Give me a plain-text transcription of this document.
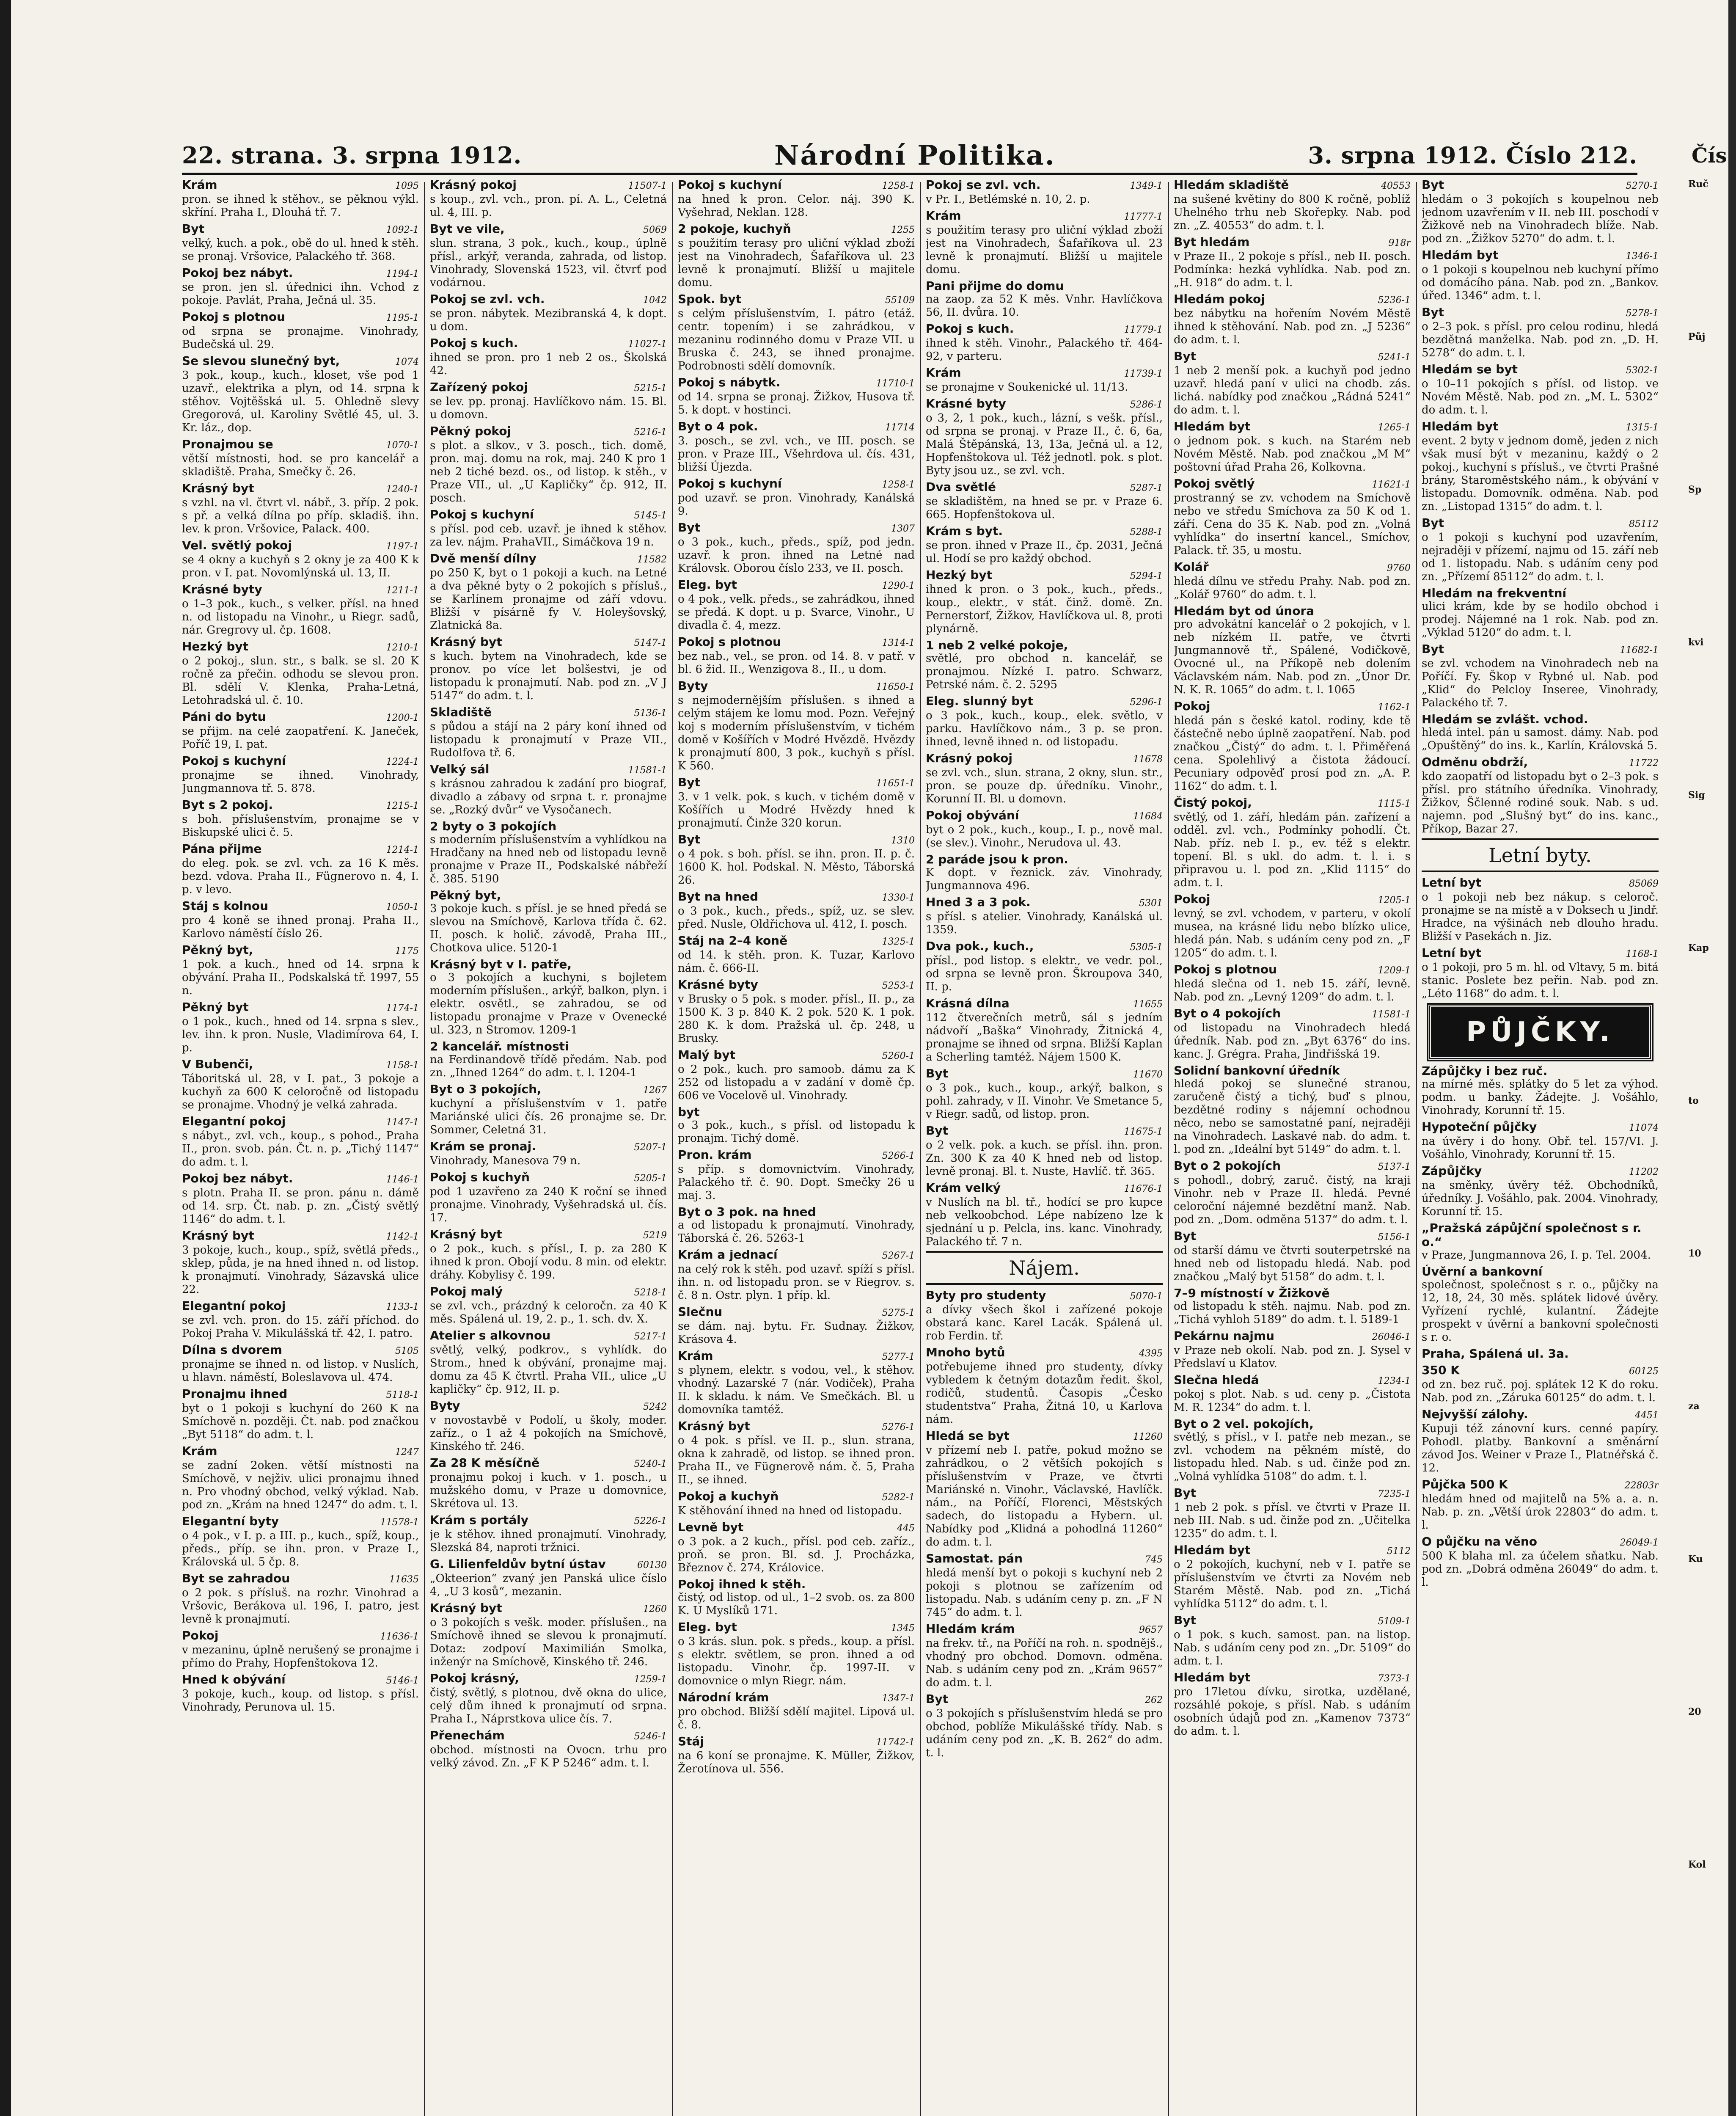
22. strana. 3. srpna 1912.	Národní Politika.	3. srpna 1912. Číslo 212.	Čís
Krám	1095
pron. se ihned k stěhov., se pěknou výkl. skříní. Praha I., Dlouhá tř. 7.
Byt	1092-1
velký, kuch. a pok., obě do ul. hned k stěh. se pronaj. Vršovice, Palackého tř. 368.
Pokoj bez nábyt.	1194-1
se pron. jen sl. úřednici ihn. Vchod z pokoje. Pavlát, Praha, Ječná ul. 35.
Pokoj s plotnou	1195-1
od srpna se pronajme. Vinohrady, Budečská ul. 29.
Se slevou slunečný byt,	1074
3 pok., koup., kuch., kloset, vše pod 1 uzavř., elektrika a plyn, od 14. srpna k stěhov. Vojtěšská ul. 5. Ohledně slevy Gregorová, ul. Karoliny Světlé 45, ul. 3. Kr. láz., dop.
Pronajmou se	1070-1
větší místnosti, hod. se pro kancelář a skladiště. Praha, Smečky č. 26.
Krásný byt	1240-1
s vzhl. na vl. čtvrt vl. nábř., 3. příp. 2 pok. s př. a velká dílna po příp. skladiš. ihn. lev. k pron. Vršovice, Palack. 400.
Vel. světlý pokoj	1197-1
se 4 okny a kuchyň s 2 okny je za 400 K k pron. v I. pat. Novomlýnská ul. 13, II.
Krásné byty	1211-1
o 1–3 pok., kuch., s velker. přísl. na hned n. od listopadu na Vinohr., u Riegr. sadů, nár. Gregrovy ul. čp. 1608.
Hezký byt	1210-1
o 2 pokoj., slun. str., s balk. se sl. 20 K ročně za přečin. odhodu se slevou pron. Bl. sdělí V. Klenka, Praha-Letná, Letohradská ul. č. 10.
Páni do bytu	1200-1
se přijm. na celé zaopatření. K. Janeček, Poříč 19, I. pat.
Pokoj s kuchyní	1224-1
pronajme se ihned. Vinohrady, Jungmannova tř. 5. 878.
Byt s 2 pokoj.	1215-1
s boh. příslušenstvím, pronajme se v Biskupské ulici č. 5.
Pána přijme	1214-1
do eleg. pok. se zvl. vch. za 16 K měs. bezd. vdova. Praha II., Fügnerovo n. 4, I. p. v levo.
Stáj s kolnou	1050-1
pro 4 koně se ihned pronaj. Praha II., Karlovo náměstí číslo 26.
Pěkný byt,	1175
1 pok. a kuch., hned od 14. srpna k obývání. Praha II., Podskalská tř. 1997, 55 n.
Pěkný byt	1174-1
o 1 pok., kuch., hned od 14. srpna s slev., lev. ihn. k pron. Nusle, Vladimírova 64, I. p.
V Bubenči,	1158-1
Táboritská ul. 28, v I. pat., 3 pokoje a kuchyň za 600 K celoročně od listopadu se pronajme. Vhodný je velká zahrada.
Elegantní pokoj	1147-1
s nábyt., zvl. vch., koup., s pohod., Praha II., pron. svob. pán. Čt. n. p. „Tichý 1147“ do adm. t. l.
Pokoj bez nábyt.	1146-1
s plotn. Praha II. se pron. pánu n. dámě od 14. srp. Čt. nab. p. zn. „Čistý světlý 1146“ do adm. t. l.
Krásný byt	1142-1
3 pokoje, kuch., koup., spíž, světlá předs., sklep, půda, je na hned ihned n. od listop. k pronajmutí. Vinohrady, Sázavská ulice 22.
Elegantní pokoj	1133-1
se zvl. vch. pron. do 15. září příchod. do Pokoj Praha V. Mikulášská tř. 42, I. patro.
Dílna s dvorem	5105
pronajme se ihned n. od listop. v Nuslích, u hlavn. náměstí, Boleslavova ul. 474.
Pronajmu ihned	5118-1
byt o 1 pokoji s kuchyní do 260 K na Smíchově n. později. Čt. nab. pod značkou „Byt 5118“ do adm. t. l.
Krám	1247
se zadní 2oken. větší místnosti na Smíchově, v nejživ. ulici pronajmu ihned n. Pro vhodný obchod, velký výklad. Nab. pod zn. „Krám na hned 1247“ do adm. t. l.
Elegantní byty	11578-1
o 4 pok., v I. p. a III. p., kuch., spíž, koup., předs., příp. se ihn. pron. v Praze I., Královská ul. 5 čp. 8.
Byt se zahradou	11635
o 2 pok. s přísluš. na rozhr. Vinohrad a Vršovic, Berákova ul. 196, I. patro, jest levně k pronajmutí.
Pokoj	11636-1
v mezaninu, úplně nerušený se pronajme i přímo do Prahy, Hopfenštokova 12.
Hned k obývání	5146-1
3 pokoje, kuch., koup. od listop. s přísl. Vinohrady, Perunova ul. 15.
Krásný pokoj	11507-1
s koup., zvl. vch., pron. pí. A. L., Celetná ul. 4, III. p.
Byt ve vile,	5069
slun. strana, 3 pok., kuch., koup., úplně přísl., arkýř, veranda, zahrada, od listop. Vinohrady, Slovenská 1523, vil. čtvrť pod vodárnou.
Pokoj se zvl. vch.	1042
se pron. nábytek. Mezibranská 4, k dopt. u dom.
Pokoj s kuch.	11027-1
ihned se pron. pro 1 neb 2 os., Školská 42.
Zařízený pokoj	5215-1
se lev. pp. pronaj. Havlíčkovo nám. 15. Bl. u domovn.
Pěkný pokoj	5216-1
s plot. a slkov., v 3. posch., tich. domě, pron. maj. domu na rok, maj. 240 K pro 1 neb 2 tiché bezd. os., od listop. k stěh., v Praze VII., ul. „U Kapličky“ čp. 912, II. posch.
Pokoj s kuchyní	5145-1
s přísl. pod ceb. uzavř. je ihned k stěhov. za lev. nájm. PrahaVII., Simáčkova 19 n.
Dvě menší dílny	11582
po 250 K, byt o 1 pokoji a kuch. na Letné a dva pěkné byty o 2 pokojích s přísluš., se Karlínem pronajme od září vdovu. Bližší v písárně fy V. Holeyšovský, Zlatnická 8a.
Krásný byt	5147-1
s kuch. bytem na Vinohradech, kde se pronov. po více let bolšestvi, je od listopadu k pronajmutí. Nab. pod zn. „V J 5147“ do adm. t. l.
Skladiště	5136-1
s půdou a stájí na 2 páry koní ihned od listopadu k pronajmutí v Praze VII., Rudolfova tř. 6.
Velký sál	11581-1
s krásnou zahradou k zadání pro biograf, divadlo a zábavy od srpna t. r. pronajme se. „Rozký dvůr“ ve Vysočanech.
2 byty o 3 pokojích
s moderním příslušenstvím a vyhlídkou na Hradčany na hned neb od listopadu levně pronajme v Praze II., Podskalské nábřeží č. 385. 5190
Pěkný byt,
3 pokoje kuch. s přísl. je se hned předá se slevou na Smíchově, Karlova třída č. 62. II. posch. k holič. závodě, Praha III., Chotkova ulice. 5120-1
Krásný byt v I. patře,
o 3 pokojích a kuchyni, s bojletem moderním příslušen., arkýř, balkon, plyn. i elektr. osvětl., se zahradou, se od listopadu pronajme v Praze v Ovenecké ul. 323, n Stromov. 1209-1
2 kancelář. místnosti
na Ferdinandově třídě předám. Nab. pod zn. „Ihned 1264“ do adm. t. l. 1204-1
Byt o 3 pokojích,	1267
kuchyní a příslušenstvím v 1. patře Mariánské ulici čís. 26 pronajme se. Dr. Sommer, Celetná 31.
Krám se pronaj.	5207-1
Vinohrady, Manesova 79 n.
Pokoj s kuchyň	5205-1
pod 1 uzavřeno za 240 K roční se ihned pronajme. Vinohrady, Vyšehradská ul. čís. 17.
Krásný byt	5219
o 2 pok., kuch. s přísl., I. p. za 280 K ihned k pron. Obojí vodu. 8 min. od elektr. dráhy. Kobylisy č. 199.
Pokoj malý	5218-1
se zvl. vch., prázdný k celoročn. za 40 K měs. Spálená ul. 19, 2. p., 1. sch. dv. X.
Atelier s alkovnou	5217-1
světlý, velký, podkrov., s vyhlídk. do Strom., hned k obývání, pronajme maj. domu za 45 K čtvrtl. Praha VII., ulice „U kapličky“ čp. 912, II. p.
Byty	5242
v novostavbě v Podolí, u školy, moder. zaříz., o 1 až 4 pokojích na Smíchově, Kinského tř. 246.
Za 28 K měsíčně	5240-1
pronajmu pokoj i kuch. v 1. posch., u mužského domu, v Praze u domovnice, Skrétova ul. 13.
Krám s portály	5226-1
je k stěhov. ihned pronajmutí. Vinohrady, Slezská 84, naproti tržnici.
G. Lilienfeldův bytní ústav	60130
„Okteerion“ zvaný jen Panská ulice číslo 4, „U 3 kosů“, mezanin.
Krásný byt	1260
o 3 pokojích s vešk. moder. příslušen., na Smíchově ihned se slevou k pronajmutí. Dotaz: zodpoví Maximilián Smolka, inženýr na Smíchově, Kinského tř. 246.
Pokoj krásný,	1259-1
čistý, světlý, s plotnou, dvě okna do ulice, celý dům ihned k pronajmutí od srpna. Praha I., Náprstkova ulice čís. 7.
Přenechám	5246-1
obchod. místnosti na Ovocn. trhu pro velký závod. Zn. „F K P 5246“ adm. t. l.
Pokoj s kuchyní	1258-1
na hned k pron. Celor. náj. 390 K. Vyšehrad, Neklan. 128.
2 pokoje, kuchyň	1255
s použitím terasy pro uliční výklad zboží jest na Vinohradech, Šafaříkova ul. 23 levně k pronajmutí. Bližší u majitele domu.
Spok. byt	55109
s celým příslušenstvím, I. pátro (etáž. centr. topením) i se zahrádkou, v mezaninu rodinného domu v Praze VII. u Bruska č. 243, se ihned pronajme. Podrobnosti sdělí domovník.
Pokoj s nábytk.	11710-1
od 14. srpna se pronaj. Žižkov, Husova tř. 5. k dopt. v hostinci.
Byt o 4 pok.	11714
3. posch., se zvl. vch., ve III. posch. se pron. v Praze III., Všehrdova ul. čís. 431, bližší Újezda.
Pokoj s kuchyní	1258-1
pod uzavř. se pron. Vinohrady, Kanálská 9.
Byt	1307
o 3 pok., kuch., předs., spíž, pod jedn. uzavř. k pron. ihned na Letné nad Královsk. Oborou číslo 233, ve II. posch.
Eleg. byt	1290-1
o 4 pok., velk. předs., se zahrádkou, ihned se předá. K dopt. u p. Svarce, Vinohr., U divadla č. 4, mezz.
Pokoj s plotnou	1314-1
bez nab., vel., se pron. od 14. 8. v patř. v bl. 6 žid. II., Wenzigova 8., II., u dom.
Byty	11650-1
s nejmodernějším příslušen. s ihned a celým stájem ke lomu mod. Pozn. Veřejný koj s moderním příslušenstvím, v tichém domě v Košířích v Modré Hvězdě. Hvězdy k pronajmutí 800, 3 pok., kuchyň s přísl. K 560.
Byt	11651-1
3. v 1 velk. pok. s kuch. v tichém domě v Košířích u Modré Hvězdy hned k pronajmutí. Činže 320 korun.
Byt	1310
o 4 pok. s boh. přísl. se ihn. pron. II. p. č. 1600 K. hol. Podskal. N. Město, Táborská 26.
Byt na hned	1330-1
o 3 pok., kuch., předs., spíž, uz. se slev. před. Nusle, Oldřichova ul. 412, I. posch.
Stáj na 2–4 koně	1325-1
od 14. k stěh. pron. K. Tuzar, Karlovo nám. č. 666-II.
Krásné byty	5253-1
v Brusky o 5 pok. s moder. přísl., II. p., za 1500 K. 3 p. 840 K. 2 pok. 520 K. 1 pok. 280 K. k dom. Pražská ul. čp. 248, u Brusky.
Malý byt	5260-1
o 2 pok., kuch. pro samoob. dámu za K 252 od listopadu a v zadání v domě čp. 606 ve Vocelově ul. Vinohrady.
byt
o 3 pok., kuch., s přísl. od listopadu k pronajm. Tichý domě.
Pron. krám	5266-1
s příp. s domovnictvím. Vinohrady, Palackého tř. č. 90. Dopt. Smečky 26 u maj. 3.
Byt o 3 pok. na hned
a od listopadu k pronajmutí. Vinohrady, Táborská č. 26. 5263-1
Krám a jednací	5267-1
na celý rok k stěh. pod uzavř. spíží s přísl. ihn. n. od listopadu pron. se v Riegrov. s. č. 8 n. Ostr. plyn. 1 příp. kl.
Slečnu	5275-1
se dám. naj. bytu. Fr. Sudnay. Žižkov, Krásova 4.
Krám	5277-1
s plynem, elektr. s vodou, vel., k stěhov. vhodný. Lazarské 7 (nár. Vodiček), Praha II. k skladu. k nám. Ve Smečkách. Bl. u domovníka tamtéž.
Krásný byt	5276-1
o 4 pok. s přísl. ve II. p., slun. strana, okna k zahradě, od listop. se ihned pron. Praha II., ve Fügnerově nám. č. 5, Praha II., se ihned.
Pokoj a kuchyň	5282-1
K stěhování ihned na hned od listopadu.
Levně byt	445
o 3 pok. a 2 kuch., přísl. pod ceb. zaříz., proň. se pron. Bl. sd. J. Procházka, Březnov č. 274, Královice.
Pokoj ihned k stěh.
čistý, od listop. od ul., 1–2 svob. os. za 800 K. U Myslíků 171.
Eleg. byt	1345
o 3 krás. slun. pok. s předs., koup. a přísl. s elektr. světlem, se pron. ihned a od listopadu. Vinohr. čp. 1997-II. v domovnice o mlyn Riegr. nám.
Národní krám	1347-1
pro obchod. Bližší sdělí majitel. Lipová ul. č. 8.
Stáj	11742-1
na 6 koní se pronajme. K. Müller, Žižkov, Žerotínova ul. 556.
Pokoj se zvl. vch.	1349-1
v Pr. I., Betlémské n. 10, 2. p.
Krám	11777-1
s použitím terasy pro uliční výklad zboží jest na Vinohradech, Šafaříkova ul. 23 levně k pronajmutí. Bližší u majitele domu.
Pani přijme do domu
na zaop. za 52 K měs. Vnhr. Havlíčkova 56, II. dvůra. 10.
Pokoj s kuch.	11779-1
ihned k stěh. Vinohr., Palackého tř. 464-92, v parteru.
Krám	11739-1
se pronajme v Soukenické ul. 11/13.
Krásné byty	5286-1
o 3, 2, 1 pok., kuch., lázní, s vešk. přísl., od srpna se pronaj. v Praze II., č. 6, 6a, Malá Štěpánská, 13, 13a, Ječná ul. a 12, Hopfenštokova ul. Též jednotl. pok. s plot. Byty jsou uz., se zvl. vch.
Dva světlé	5287-1
se skladištěm, na hned se pr. v Praze 6. 665. Hopfenštokova ul.
Krám s byt.	5288-1
se pron. ihned v Praze II., čp. 2031, Ječná ul. Hodí se pro každý obchod.
Hezký byt	5294-1
ihned k pron. o 3 pok., kuch., předs., koup., elektr., v stát. činž. domě. Zn. Pernerstorf, Žižkov, Havlíčkova ul. 8, proti plynárně.
1 neb 2 velké pokoje,
světlé, pro obchod n. kancelář, se pronajmou. Nízké I. patro. Schwarz, Petrské nám. č. 2. 5295
Eleg. slunný byt	5296-1
o 3 pok., kuch., koup., elek. světlo, v parku. Havlíčkovo nám., 3 p. se pron. ihned, levně ihned n. od listopadu.
Krásný pokoj	11678
se zvl. vch., slun. strana, 2 okny, slun. str., pron. se pouze dp. úředníku. Vinohr., Korunní II. Bl. u domovn.
Pokoj obývání	11684
byt o 2 pok., kuch., koup., I. p., nově mal. (se slev.). Vinohr., Nerudova ul. 43.
2 paráde jsou k pron.
K dopt. v řeznick. záv. Vinohrady, Jungmannova 496.
Hned 3 a 3 pok.	5301
s přísl. s atelier. Vinohrady, Kanálská ul. 1359.
Dva pok., kuch.,	5305-1
přísl., pod listop. s elektr., ve vedr. pol., od srpna se levně pron. Škroupova 340, II. p.
Krásná dílna	11655
112 čtverečních metrů, sál s jedním nádvoří „Baška“ Vinohrady, Žitnická 4, pronajme se ihned od srpna. Bližší Kaplan a Scherling tamtéž. Nájem 1500 K.
Byt	11670
o 3 pok., kuch., koup., arkýř, balkon, s pohl. zahrady, v II. Vinohr. Ve Smetance 5, v Riegr. sadů, od listop. pron.
Byt	11675-1
o 2 velk. pok. a kuch. se přísl. ihn. pron. Zn. 300 K za 40 K hned neb od listop. levně pronaj. Bl. t. Nuste, Havlíč. tř. 365.
Krám velký	11676-1
v Nuslích na bl. tř., hodící se pro kupce neb velkoobchod. Lépe nabízeno lze k sjednání u p. Pelcla, ins. kanc. Vinohrady, Palackého tř. 7 n.
Nájem.
Byty pro studenty	5070-1
a dívky všech škol i zařízené pokoje obstará kanc. Karel Lacák. Spálená ul. rob Ferdin. tř.
Mnoho bytů	4395
potřebujeme ihned pro studenty, dívky vybledem k četným dotazům ředit. škol, rodičů, studentů. Časopis „Česko studentstva“ Praha, Žitná 10, u Karlova nám.
Hledá se byt	11260
v přízemí neb I. patře, pokud možno se zahrádkou, o 2 větších pokojích s příslušenstvím v Praze, ve čtvrti Mariánské n. Vinohr., Václavské, Havlíčk. nám., na Poříčí, Florenci, Městských sadech, do listopadu a Hybern. ul. Nabídky pod „Klidná a pohodlná 11260“ do adm. t. l.
Samostat. pán	745
hledá menší byt o pokoji s kuchyní neb 2 pokoji s plotnou se zařízením od listopadu. Nab. s udáním ceny p. zn. „F N 745“ do adm. t. l.
Hledám krám	9657
na frekv. tř., na Poříčí na roh. n. spodnějš., vhodný pro obchod. Domovn. odměna. Nab. s udáním ceny pod zn. „Krám 9657“ do adm. t. l.
Byt	262
o 3 pokojích s příslušenstvím hledá se pro obchod, poblíže Mikulášské třídy. Nab. s udáním ceny pod zn. „K. B. 262“ do adm. t. l.
Hledám skladiště	40553
na sušené květiny do 800 K ročně, poblíž Uhelného trhu neb Skořepky. Nab. pod zn. „Z. 40553“ do adm. t. l.
Byt hledám	918r
v Praze II., 2 pokoje s přísl., neb II. posch. Podmínka: hezká vyhlídka. Nab. pod zn. „H. 918“ do adm. t. l.
Hledám pokoj	5236-1
bez nábytku na hořením Novém Městě ihned k stěhování. Nab. pod zn. „J 5236“ do adm. t. l.
Byt	5241-1
1 neb 2 menší pok. a kuchyň pod jedno uzavř. hledá paní v ulici na chodb. zás. lichá. nabídky pod značkou „Rádná 5241“ do adm. t. l.
Hledám byt	1265-1
o jednom pok. s kuch. na Starém neb Novém Městě. Nab. pod značkou „M M“ poštovní úřad Praha 26, Kolkovna.
Pokoj světlý	11621-1
prostranný se zv. vchodem na Smíchově nebo ve středu Smíchova za 50 K od 1. září. Cena do 35 K. Nab. pod zn. „Volná vyhlídka“ do insertní kancel., Smíchov, Palack. tř. 35, u mostu.
Kolář	9760
hledá dílnu ve středu Prahy. Nab. pod zn. „Kolář 9760“ do adm. t. l.
Hledám byt od února
pro advokátní kancelář o 2 pokojích, v l. neb nízkém II. patře, ve čtvrti Jungmannově tř., Spálené, Vodičkově, Ovocné ul., na Příkopě neb dolením Václavském nám. Nab. pod zn. „Únor Dr. N. K. R. 1065“ do adm. t. l. 1065
Pokoj	1162-1
hledá pán s české katol. rodiny, kde tě částečně nebo úplně zaopatření. Nab. pod značkou „Čistý“ do adm. t. l. Přiměřená cena. Spolehlivý a čistota žádoucí. Pecuniary odpověď prosí pod zn. „A. P. 1162“ do adm. t. l.
Čistý pokoj,	1115-1
světlý, od 1. září, hledám pán. zařízení a odděl. zvl. vch., Podmínky pohodlí. Čt. Nab. příz. neb I. p., ev. též s elektr. topení. Bl. s ukl. do adm. t. l. i. s připravou u. l. pod zn. „Klid 1115“ do adm. t. l.
Pokoj	1205-1
levný, se zvl. vchodem, v parteru, v okolí musea, na krásné lidu nebo blízko ulice, hledá pán. Nab. s udáním ceny pod zn. „F 1205“ do adm. t. l.
Pokoj s plotnou	1209-1
hledá slečna od 1. neb 15. září, levně. Nab. pod zn. „Levný 1209“ do adm. t. l.
Byt o 4 pokojích	11581-1
od listopadu na Vinohradech hledá úředník. Nab. pod zn. „Byt 6376“ do ins. kanc. J. Grégra. Praha, Jindřišská 19.
Solidní bankovní úředník
hledá pokoj se slunečné stranou, zaručeně čistý a tichý, buď s plnou, bezdětné rodiny s nájemní ochodnou něco, nebo se samostatné paní, nejraději na Vinohradech. Laskavé nab. do adm. t. l. pod zn. „Ideální byt 5149“ do adm. t. l.
Byt o 2 pokojích	5137-1
s pohodl., dobrý, zaruč. čistý, na kraji Vinohr. neb v Praze II. hledá. Pevné celoroční nájemné bezdětní manž. Nab. pod zn. „Dom. odměna 5137“ do adm. t. l.
Byt	5156-1
od starší dámu ve čtvrti souterpetrské na hned neb od listopadu hledá. Nab. pod značkou „Malý byt 5158“ do adm. t. l.
7–9 místností v Žižkově
od listopadu k stěh. najmu. Nab. pod zn. „Tichá vyhloh 5189“ do adm. t. l. 5189-1
Pekárnu najmu	26046-1
v Praze neb okolí. Nab. pod zn. J. Sysel v Předslaví u Klatov.
Slečna hledá	1234-1
pokoj s plot. Nab. s ud. ceny p. „Čistota M. R. 1234“ do adm. t. l.
Byt o 2 vel. pokojích,
světlý, s přísl., v I. patře neb mezan., se zvl. vchodem na pěkném místě, do listopadu hled. Nab. s ud. činže pod zn. „Volná vyhlídka 5108“ do adm. t. l.
Byt	7235-1
1 neb 2 pok. s přísl. ve čtvrti v Praze II. neb III. Nab. s ud. činže pod zn. „Učitelka 1235“ do adm. t. l.
Hledám byt	5112
o 2 pokojích, kuchyní, neb v I. patře se příslušenstvím ve čtvrti za Novém neb Starém Městě. Nab. pod zn. „Tichá vyhlídka 5112“ do adm. t. l.
Byt	5109-1
o 1 pok. s kuch. samost. pan. na listop. Nab. s udáním ceny pod zn. „Dr. 5109“ do adm. t. l.
Hledám byt	7373-1
pro 17letou dívku, sirotka, uzdělané, rozsáhlé pokoje, s přísl. Nab. s udáním osobních údajů pod zn. „Kamenov 7373“ do adm. t. l.
Byt	5270-1
hledám o 3 pokojích s koupelnou neb jednom uzavřením v II. neb III. poschodí v Žižkově neb na Vinohradech blíže. Nab. pod zn. „Žižkov 5270“ do adm. t. l.
Hledám byt	1346-1
o 1 pokoji s koupelnou neb kuchyní přímo od domácího pána. Nab. pod zn. „Bankov. úřed. 1346“ adm. t. l.
Byt	5278-1
o 2–3 pok. s přísl. pro celou rodinu, hledá bezdětná manželka. Nab. pod zn. „D. H. 5278“ do adm. t. l.
Hledám se byt	5302-1
o 10–11 pokojích s přísl. od listop. ve Novém Městě. Nab. pod zn. „M. L. 5302“ do adm. t. l.
Hledám byt	1315-1
event. 2 byty v jednom domě, jeden z nich však musí být v mezaninu, každý o 2 pokoj., kuchyní s přísluš., ve čtvrti Prašné brány, Staroměstského nám., k obývání v listopadu. Domovník. odměna. Nab. pod zn. „Listopad 1315“ do adm. t. l.
Byt	85112
o 1 pokoji s kuchyní pod uzavřením, nejraději v přízemí, najmu od 15. září neb od 1. listopadu. Nab. s udáním ceny pod zn. „Přízemí 85112“ do adm. t. l.
Hledám na frekventní
ulici krám, kde by se hodilo obchod i prodej. Nájemné na 1 rok. Nab. pod zn. „Výklad 5120“ do adm. t. l.
Byt	11682-1
se zvl. vchodem na Vinohradech neb na Poříčí. Fy. Škop v Rybné ul. Nab. pod „Klid“ do Pelcloy Inseree, Vinohrady, Palackého tř. 7.
Hledám se zvlášt. vchod.
hledá intel. pán u samost. dámy. Nab. pod „Opuštěný“ do ins. k., Karlín, Královská 5.
Odměnu obdrží,	11722
kdo zaopatří od listopadu byt o 2–3 pok. s přísl. pro státního úředníka. Vinohrady, Žižkov, Ščlenné rodiné souk. Nab. s ud. najemn. pod „Slušný byt“ do ins. kanc., Příkop, Bazar 27.
Letní byty.
Letní byt	85069
o 1 pokoji neb bez nákup. s celoroč. pronajme se na místě a v Doksech u Jindř. Hradce, na výšinách neb dlouho hradu. Bližší v Pasekách n. Jiz.
Letní byt	1168-1
o 1 pokoji, pro 5 m. hl. od Vltavy, 5 m. bitá stanic. Poslete bez peřin. Nab. pod zn. „Léto 1168“ do adm. t. l.
PŮJČKY.
Zápůjčky i bez ruč.
na mírné měs. splátky do 5 let za výhod. podm. u banky. Žádejte. J. Vošáhlo, Vinohrady, Korunní tř. 15.
Hypoteční půjčky	11074
na úvěry i do hony. Obř. tel. 157/VI. J. Vošáhlo, Vinohrady, Korunní tř. 15.
Zápůjčky	11202
na směnky, úvěry též. Obchodníků, úředníky. J. Vošáhlo, pak. 2004. Vinohrady, Korunní tř. 15.
„Pražská zápůjční společnost s r. o.“
v Praze, Jungmannova 26, I. p. Tel. 2004.
Úvěrní a bankovní
společnost, společnost s r. o., půjčky na 12, 18, 24, 30 měs. splátek lidové úvěry. Vyřízení rychlé, kulantní. Žádejte prospekt v úvěrní a bankovní společnosti s r. o.
Praha, Spálená ul. 3a.
350 K	60125
od zn. bez ruč. poj. splátek 12 K do roku. Nab. pod zn. „Záruka 60125“ do adm. t. l.
Nejvyšší zálohy.	4451
Kupuji též zánovní kurs. cenné papíry. Pohodl. platby. Bankovní a směnární závod Jos. Weiner v Praze I., Platnéřská č. 12.
Půjčka 500 K	22803r
hledám hned od majitelů na 5% a. a. n. Nab. p. zn. „Větší úrok 22803“ do adm. t. l.
O půjčku na věno	26049-1
500 K blaha ml. za účelem sňatku. Nab. pod zn. „Dobrá odměna 26049“ do adm. t. l.
Ruč
Půj
Sp
kvi
Sig
Kap
to
10
za
Ku
20
Kol
